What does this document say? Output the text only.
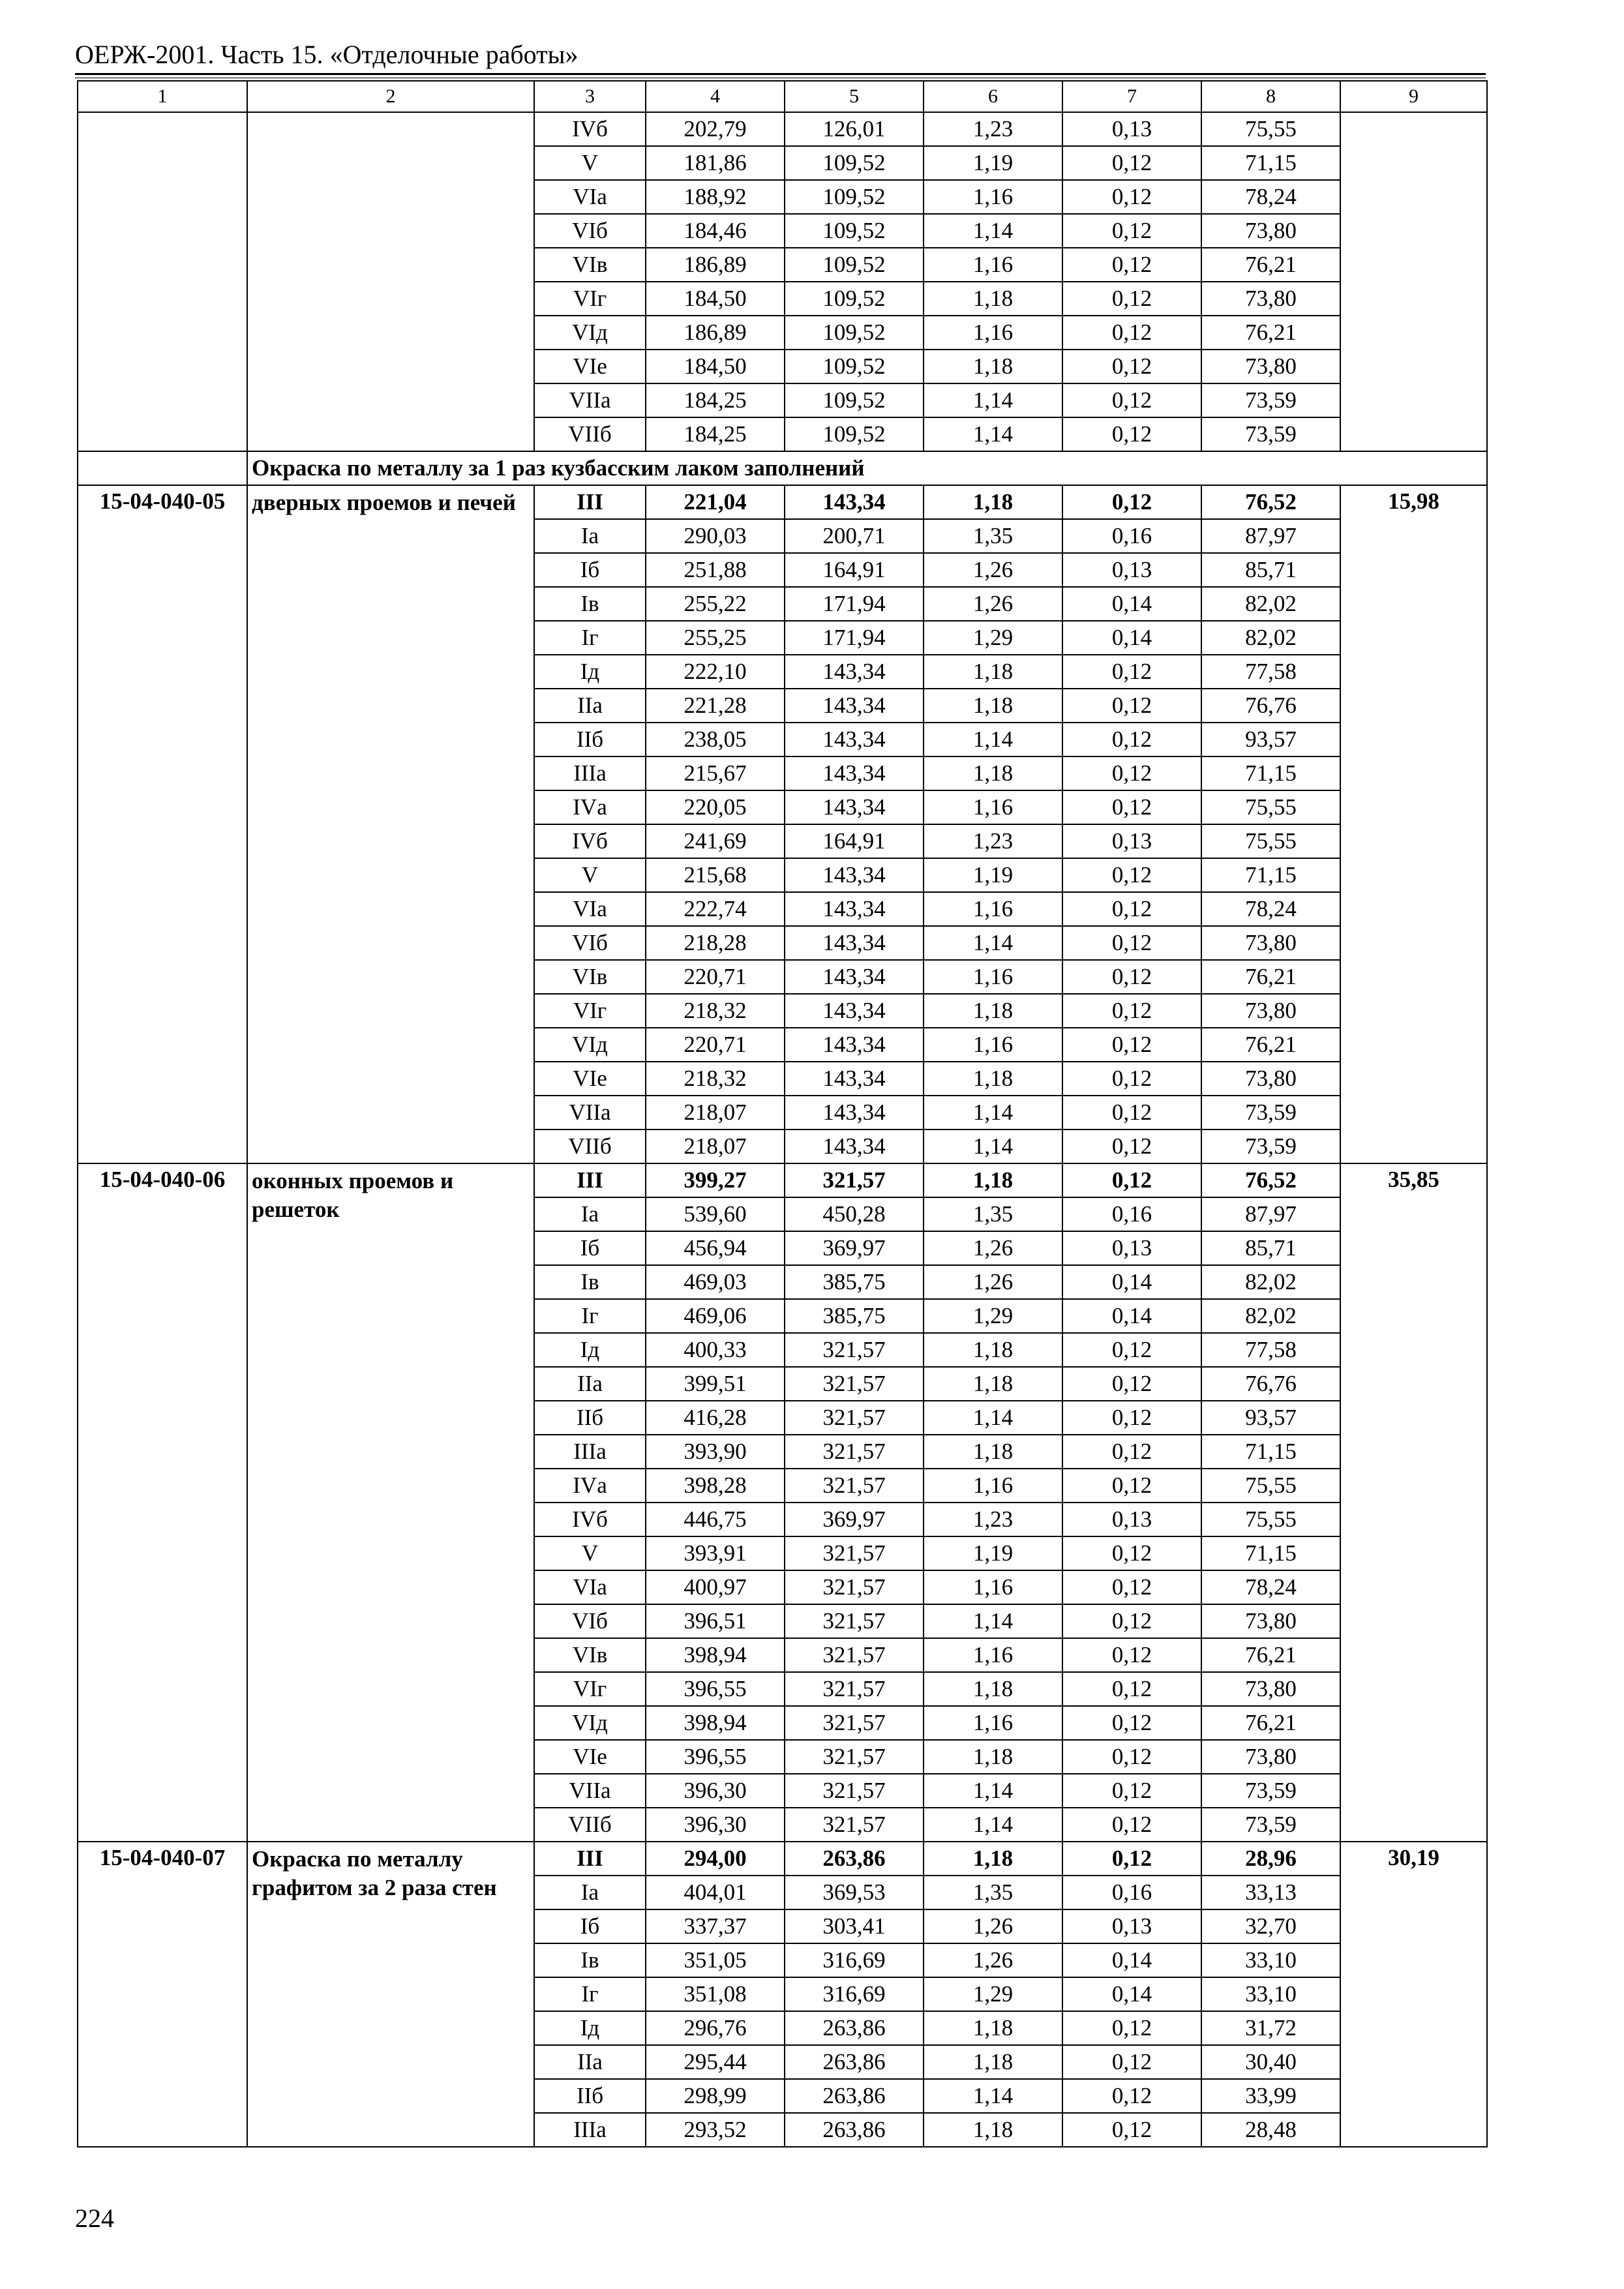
ОЕРЖ-2001. Часть 15. «Отделочные работы»
1	2	3	4	5	6	7	8	9
		IVб	202,79	126,01	1,23	0,13	75,55	
		V	181,86	109,52	1,19	0,12	71,15	
		VIа	188,92	109,52	1,16	0,12	78,24	
		VIб	184,46	109,52	1,14	0,12	73,80	
		VIв	186,89	109,52	1,16	0,12	76,21	
		VIг	184,50	109,52	1,18	0,12	73,80	
		VIд	186,89	109,52	1,16	0,12	76,21	
		VIе	184,50	109,52	1,18	0,12	73,80	
		VIIа	184,25	109,52	1,14	0,12	73,59	
		VIIб	184,25	109,52	1,14	0,12	73,59	
	Окраска по металлу за 1 раз кузбасским лаком заполнений							
15-04-040-05	дверных проемов и печей	III	221,04	143,34	1,18	0,12	76,52	15,98
		Iа	290,03	200,71	1,35	0,16	87,97	
		Iб	251,88	164,91	1,26	0,13	85,71	
		Iв	255,22	171,94	1,26	0,14	82,02	
		Iг	255,25	171,94	1,29	0,14	82,02	
		Iд	222,10	143,34	1,18	0,12	77,58	
		IIа	221,28	143,34	1,18	0,12	76,76	
		IIб	238,05	143,34	1,14	0,12	93,57	
		IIIа	215,67	143,34	1,18	0,12	71,15	
		IVа	220,05	143,34	1,16	0,12	75,55	
		IVб	241,69	164,91	1,23	0,13	75,55	
		V	215,68	143,34	1,19	0,12	71,15	
		VIа	222,74	143,34	1,16	0,12	78,24	
		VIб	218,28	143,34	1,14	0,12	73,80	
		VIв	220,71	143,34	1,16	0,12	76,21	
		VIг	218,32	143,34	1,18	0,12	73,80	
		VIд	220,71	143,34	1,16	0,12	76,21	
		VIе	218,32	143,34	1,18	0,12	73,80	
		VIIа	218,07	143,34	1,14	0,12	73,59	
		VIIб	218,07	143,34	1,14	0,12	73,59	
15-04-040-06	оконных проемов и решеток	III	399,27	321,57	1,18	0,12	76,52	35,85
		Iа	539,60	450,28	1,35	0,16	87,97	
		Iб	456,94	369,97	1,26	0,13	85,71	
		Iв	469,03	385,75	1,26	0,14	82,02	
		Iг	469,06	385,75	1,29	0,14	82,02	
		Iд	400,33	321,57	1,18	0,12	77,58	
		IIа	399,51	321,57	1,18	0,12	76,76	
		IIб	416,28	321,57	1,14	0,12	93,57	
		IIIа	393,90	321,57	1,18	0,12	71,15	
		IVа	398,28	321,57	1,16	0,12	75,55	
		IVб	446,75	369,97	1,23	0,13	75,55	
		V	393,91	321,57	1,19	0,12	71,15	
		VIа	400,97	321,57	1,16	0,12	78,24	
		VIб	396,51	321,57	1,14	0,12	73,80	
		VIв	398,94	321,57	1,16	0,12	76,21	
		VIг	396,55	321,57	1,18	0,12	73,80	
		VIд	398,94	321,57	1,16	0,12	76,21	
		VIе	396,55	321,57	1,18	0,12	73,80	
		VIIа	396,30	321,57	1,14	0,12	73,59	
		VIIб	396,30	321,57	1,14	0,12	73,59	
15-04-040-07	Окраска по металлу графитом за 2 раза стен	III	294,00	263,86	1,18	0,12	28,96	30,19
		Iа	404,01	369,53	1,35	0,16	33,13	
		Iб	337,37	303,41	1,26	0,13	32,70	
		Iв	351,05	316,69	1,26	0,14	33,10	
		Iг	351,08	316,69	1,29	0,14	33,10	
		Iд	296,76	263,86	1,18	0,12	31,72	
		IIа	295,44	263,86	1,18	0,12	30,40	
		IIб	298,99	263,86	1,14	0,12	33,99	
		IIIа	293,52	263,86	1,18	0,12	28,48	
224
